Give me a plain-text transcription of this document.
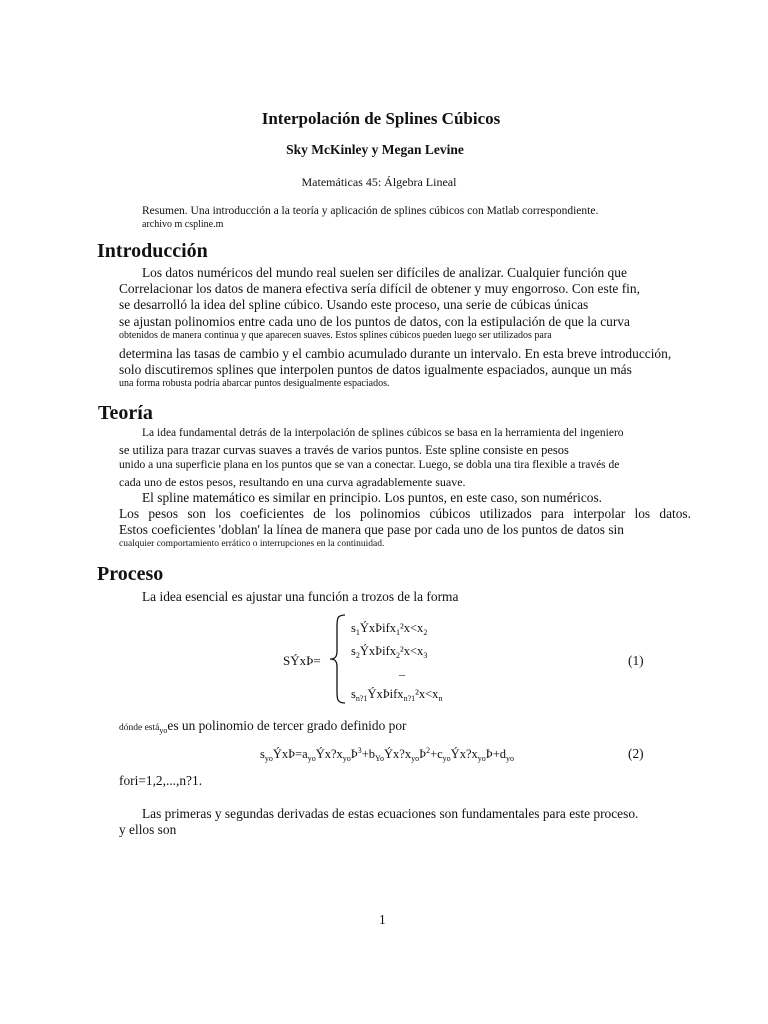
Interpolación de Splines Cúbicos
Sky McKinley y Megan Levine
Matemáticas 45: Álgebra Lineal
Resumen. Una introducción a la teoría y aplicación de splines cúbicos con Matlab correspondiente.
archivo m cspline.m
Introducción
Los datos numéricos del mundo real suelen ser difíciles de analizar. Cualquier función que
Correlacionar los datos de manera efectiva sería difícil de obtener y muy engorroso. Con este fin,
se desarrolló la idea del spline cúbico. Usando este proceso, una serie de cúbicas únicas
se ajustan polinomios entre cada uno de los puntos de datos, con la estipulación de que la curva
obtenidos de manera continua y que aparecen suaves. Estos splines cúbicos pueden luego ser utilizados para
determina las tasas de cambio y el cambio acumulado durante un intervalo. En esta breve introducción,
solo discutiremos splines que interpolen puntos de datos igualmente espaciados, aunque un más
una forma robusta podría abarcar puntos desigualmente espaciados.
Teoría
La idea fundamental detrás de la interpolación de splines cúbicos se basa en la herramienta del ingeniero
se utiliza para trazar curvas suaves a través de varios puntos. Este spline consiste en pesos
unido a una superficie plana en los puntos que se van a conectar. Luego, se dobla una tira flexible a través de
cada uno de estos pesos, resultando en una curva agradablemente suave.
El spline matemático es similar en principio. Los puntos, en este caso, son numéricos.
Los pesos son los coeficientes de los polinomios cúbicos utilizados para interpolar los datos.
Estos coeficientes 'doblan' la línea de manera que pase por cada uno de los puntos de datos sin
cualquier comportamiento errático o interrupciones en la continuidad.
Proceso
La idea esencial es ajustar una función a trozos de la forma
SÝxÞ=
$s_1ÝxÞifx_1^2x<x_2$
$s_2ÝxÞifx_2^2x<x_3$
–
$s_{n?1}ÝxÞifx_{n?1}^2x<x_n$
(1)
dónde está$_{yo}$es un polinomio de tercer grado definido por
$s_{yo}ÝxÞ=a_{yo}Ýx?x_{yo}Þ^3+b_{Yo}Ýx?x_{yo}Þ^2+c_{yo}Ýx?x_{yo}Þ+d_{yo}$	(2)
fori=1,2,...,n?1.
Las primeras y segundas derivadas de estas ecuaciones son fundamentales para este proceso.
y ellos son
1
